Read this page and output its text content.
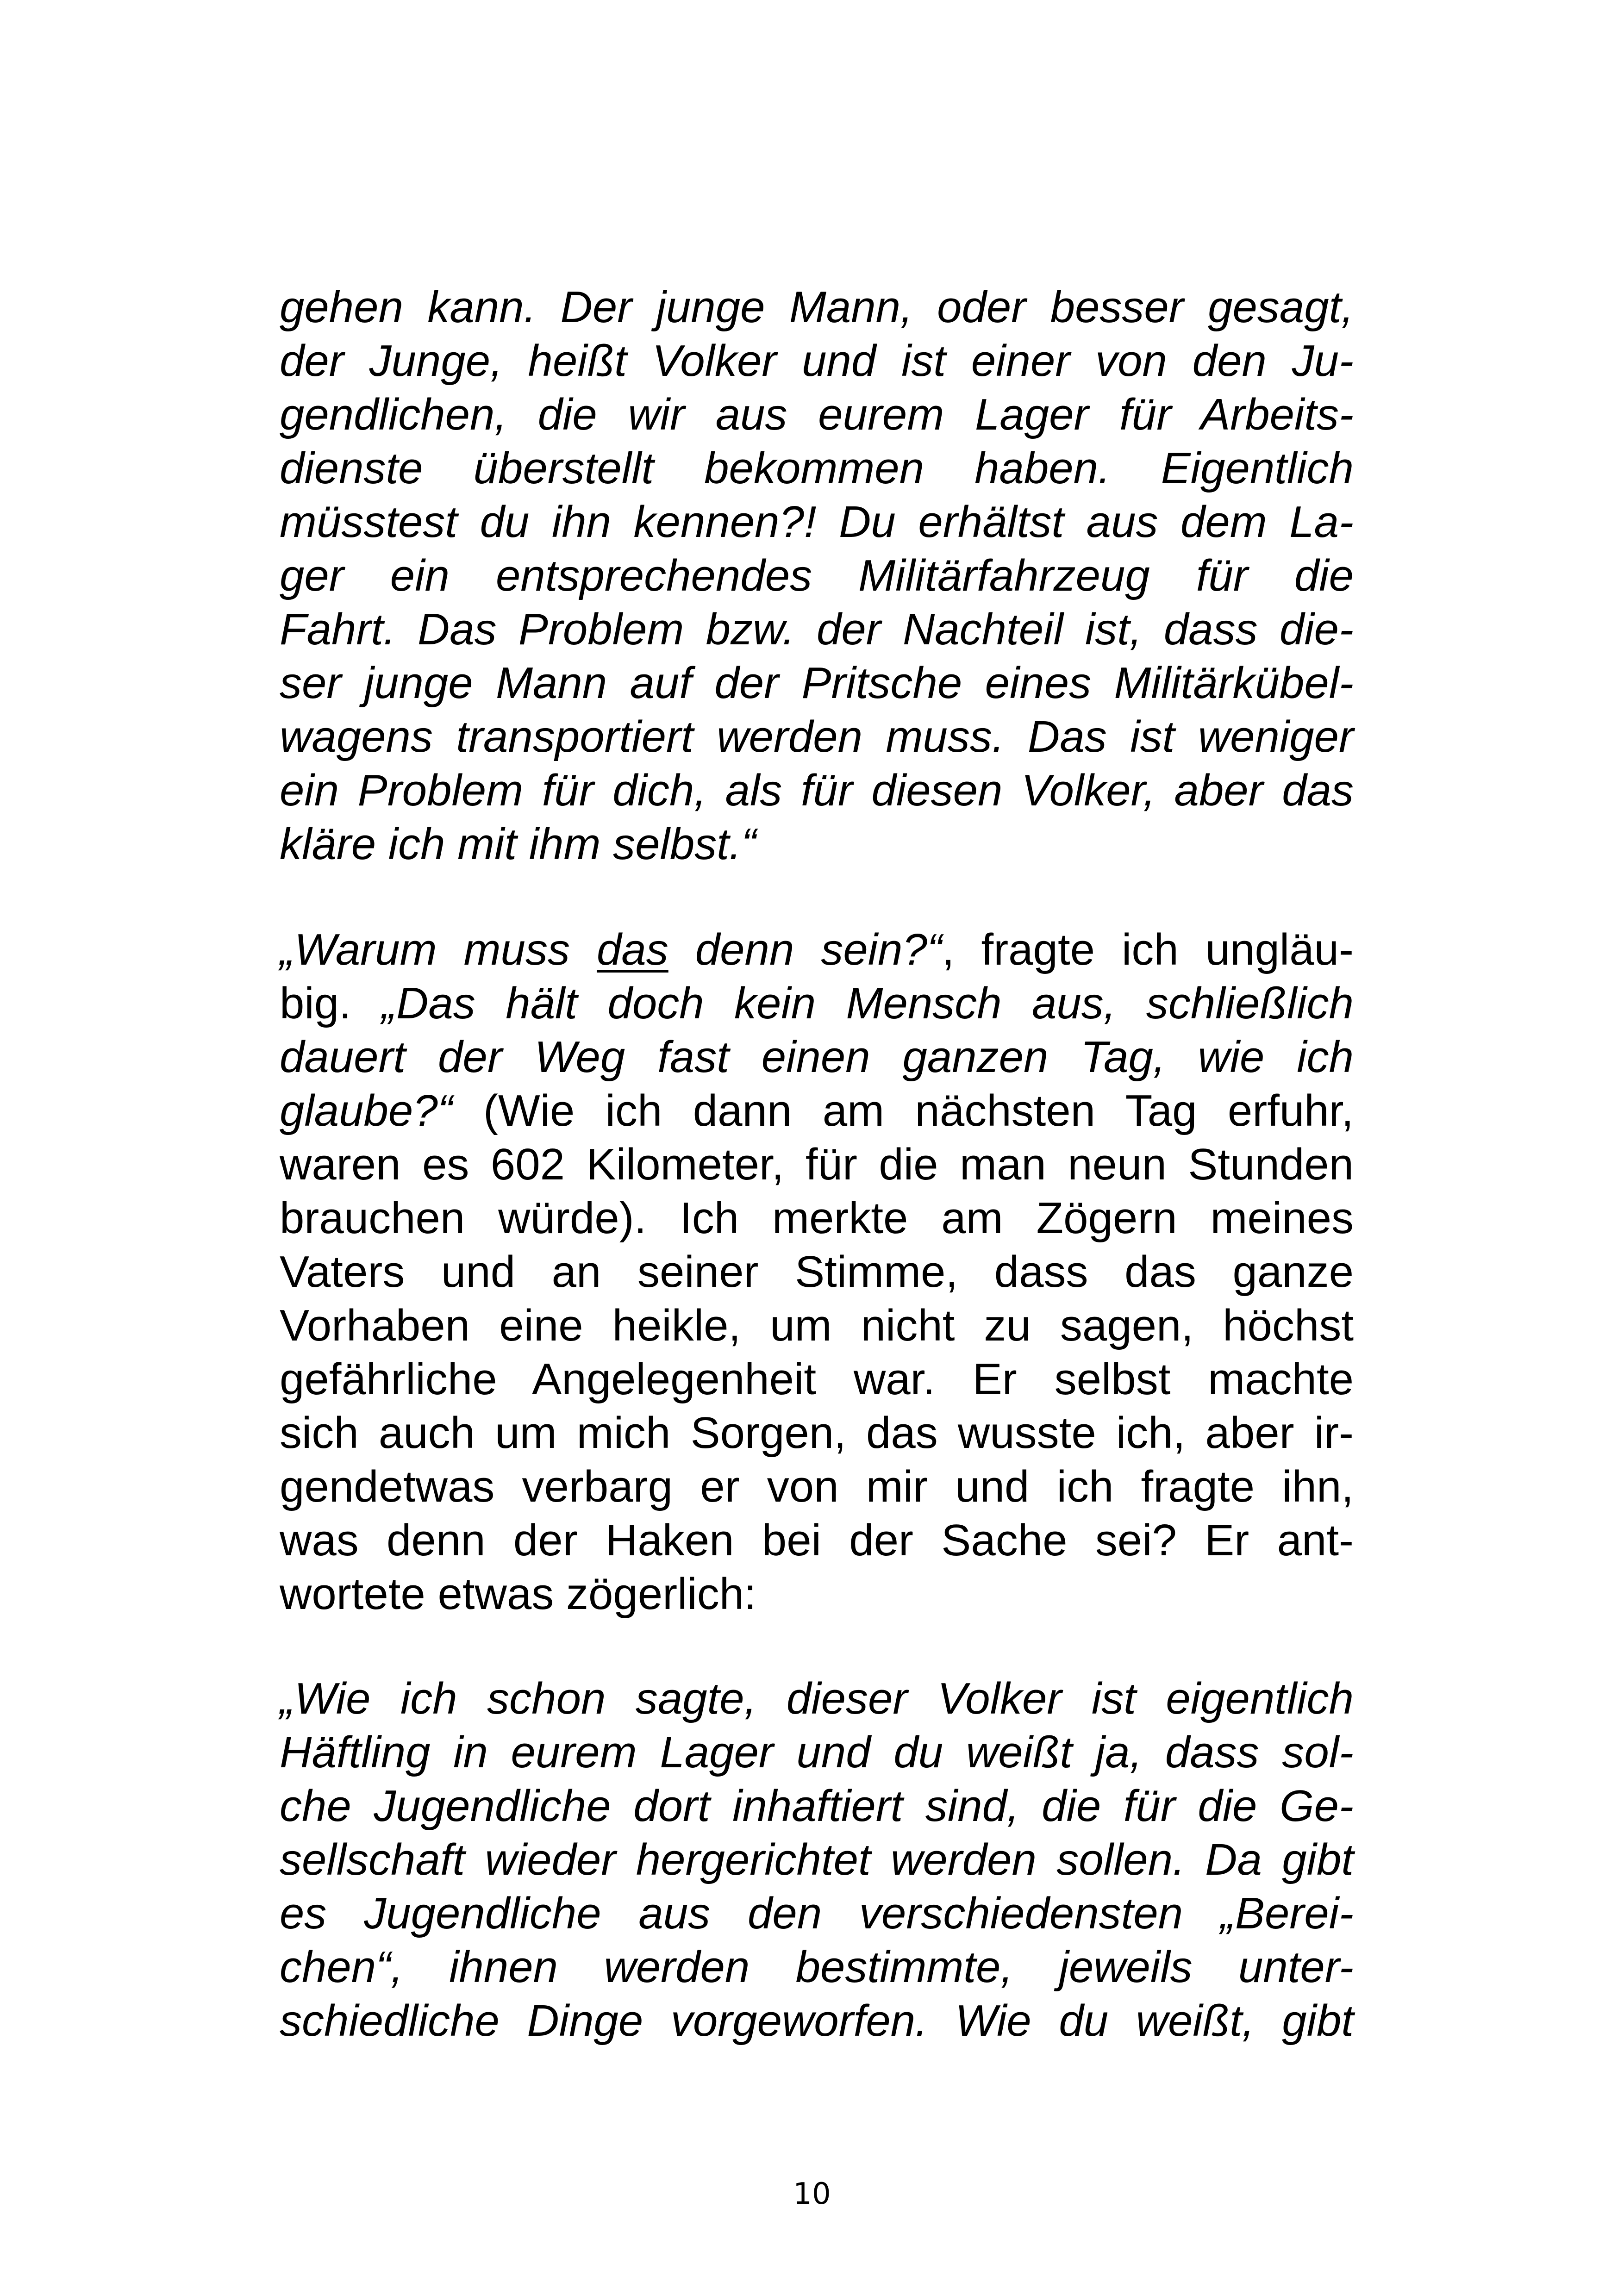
gehen kann. Der junge Mann, oder besser gesagt,
der Junge, heißt Volker und ist einer von den Ju-
gendlichen, die wir aus eurem Lager für Arbeits-
dienste überstellt bekommen haben. Eigentlich
müsstest du ihn kennen?! Du erhältst aus dem La-
ger ein entsprechendes Militärfahrzeug für die
Fahrt. Das Problem bzw. der Nachteil ist, dass die-
ser junge Mann auf der Pritsche eines Militärkübel-
wagens transportiert werden muss. Das ist weniger
ein Problem für dich, als für diesen Volker, aber das
kläre ich mit ihm selbst.“
„Warum muss das denn sein?“, fragte ich ungläu-
big. „Das hält doch kein Mensch aus, schließlich
dauert der Weg fast einen ganzen Tag, wie ich
glaube?“ (Wie ich dann am nächsten Tag erfuhr,
waren es 602 Kilometer, für die man neun Stunden
brauchen würde). Ich merkte am Zögern meines
Vaters und an seiner Stimme, dass das ganze
Vorhaben eine heikle, um nicht zu sagen, höchst
gefährliche Angelegenheit war. Er selbst machte
sich auch um mich Sorgen, das wusste ich, aber ir-
gendetwas verbarg er von mir und ich fragte ihn,
was denn der Haken bei der Sache sei? Er ant-
wortete etwas zögerlich:
„Wie ich schon sagte, dieser Volker ist eigentlich
Häftling in eurem Lager und du weißt ja, dass sol-
che Jugendliche dort inhaftiert sind, die für die Ge-
sellschaft wieder hergerichtet werden sollen. Da gibt
es Jugendliche aus den verschiedensten „Berei-
chen“, ihnen werden bestimmte, jeweils unter-
schiedliche Dinge vorgeworfen. Wie du weißt, gibt
10
